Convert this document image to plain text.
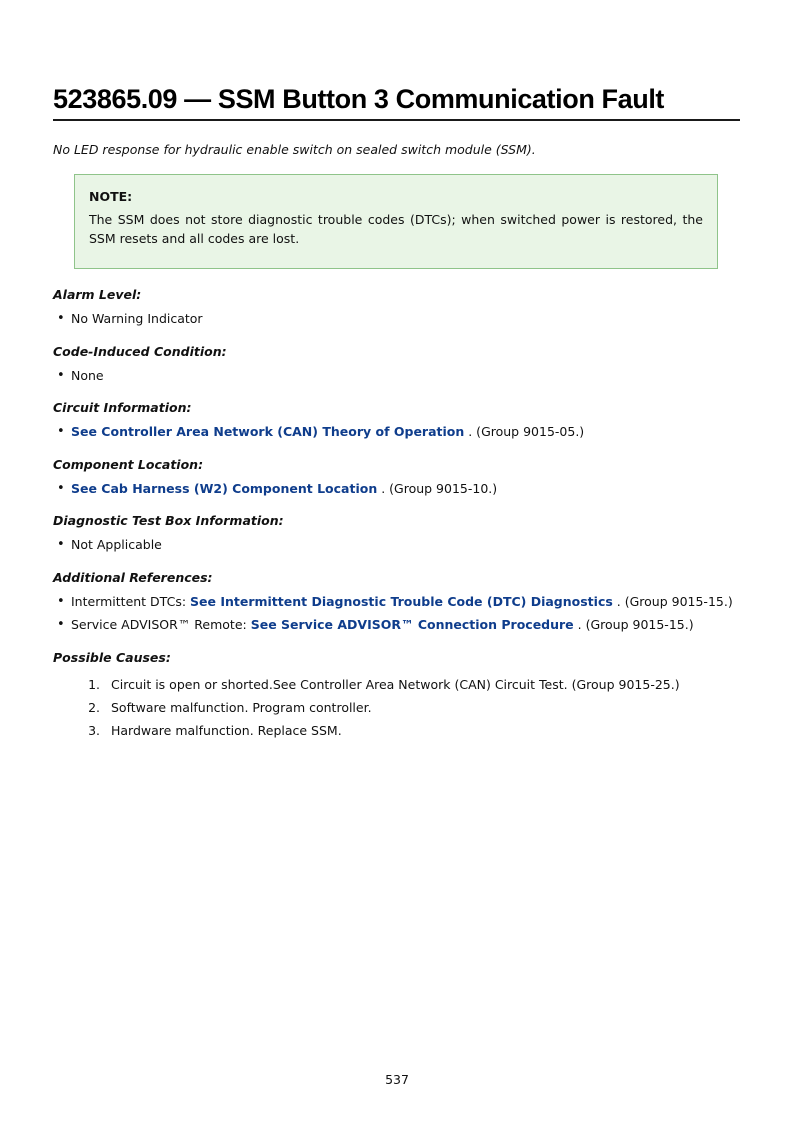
523865.09 — SSM Button 3 Communication Fault
No LED response for hydraulic enable switch on sealed switch module (SSM).
NOTE:
The SSM does not store diagnostic trouble codes (DTCs); when switched power is restored, the SSM resets and all codes are lost.
Alarm Level:
• No Warning Indicator
Code-Induced Condition:
• None
Circuit Information:
• See Controller Area Network (CAN) Theory of Operation . (Group 9015-05.)
Component Location:
• See Cab Harness (W2) Component Location . (Group 9015-10.)
Diagnostic Test Box Information:
• Not Applicable
Additional References:
• Intermittent DTCs: See Intermittent Diagnostic Trouble Code (DTC) Diagnostics . (Group 9015-15.)
• Service ADVISOR™ Remote: See Service ADVISOR™ Connection Procedure . (Group 9015-15.)
Possible Causes:
1. Circuit is open or shorted.See Controller Area Network (CAN) Circuit Test. (Group 9015-25.)
2. Software malfunction. Program controller.
3. Hardware malfunction. Replace SSM.
537
